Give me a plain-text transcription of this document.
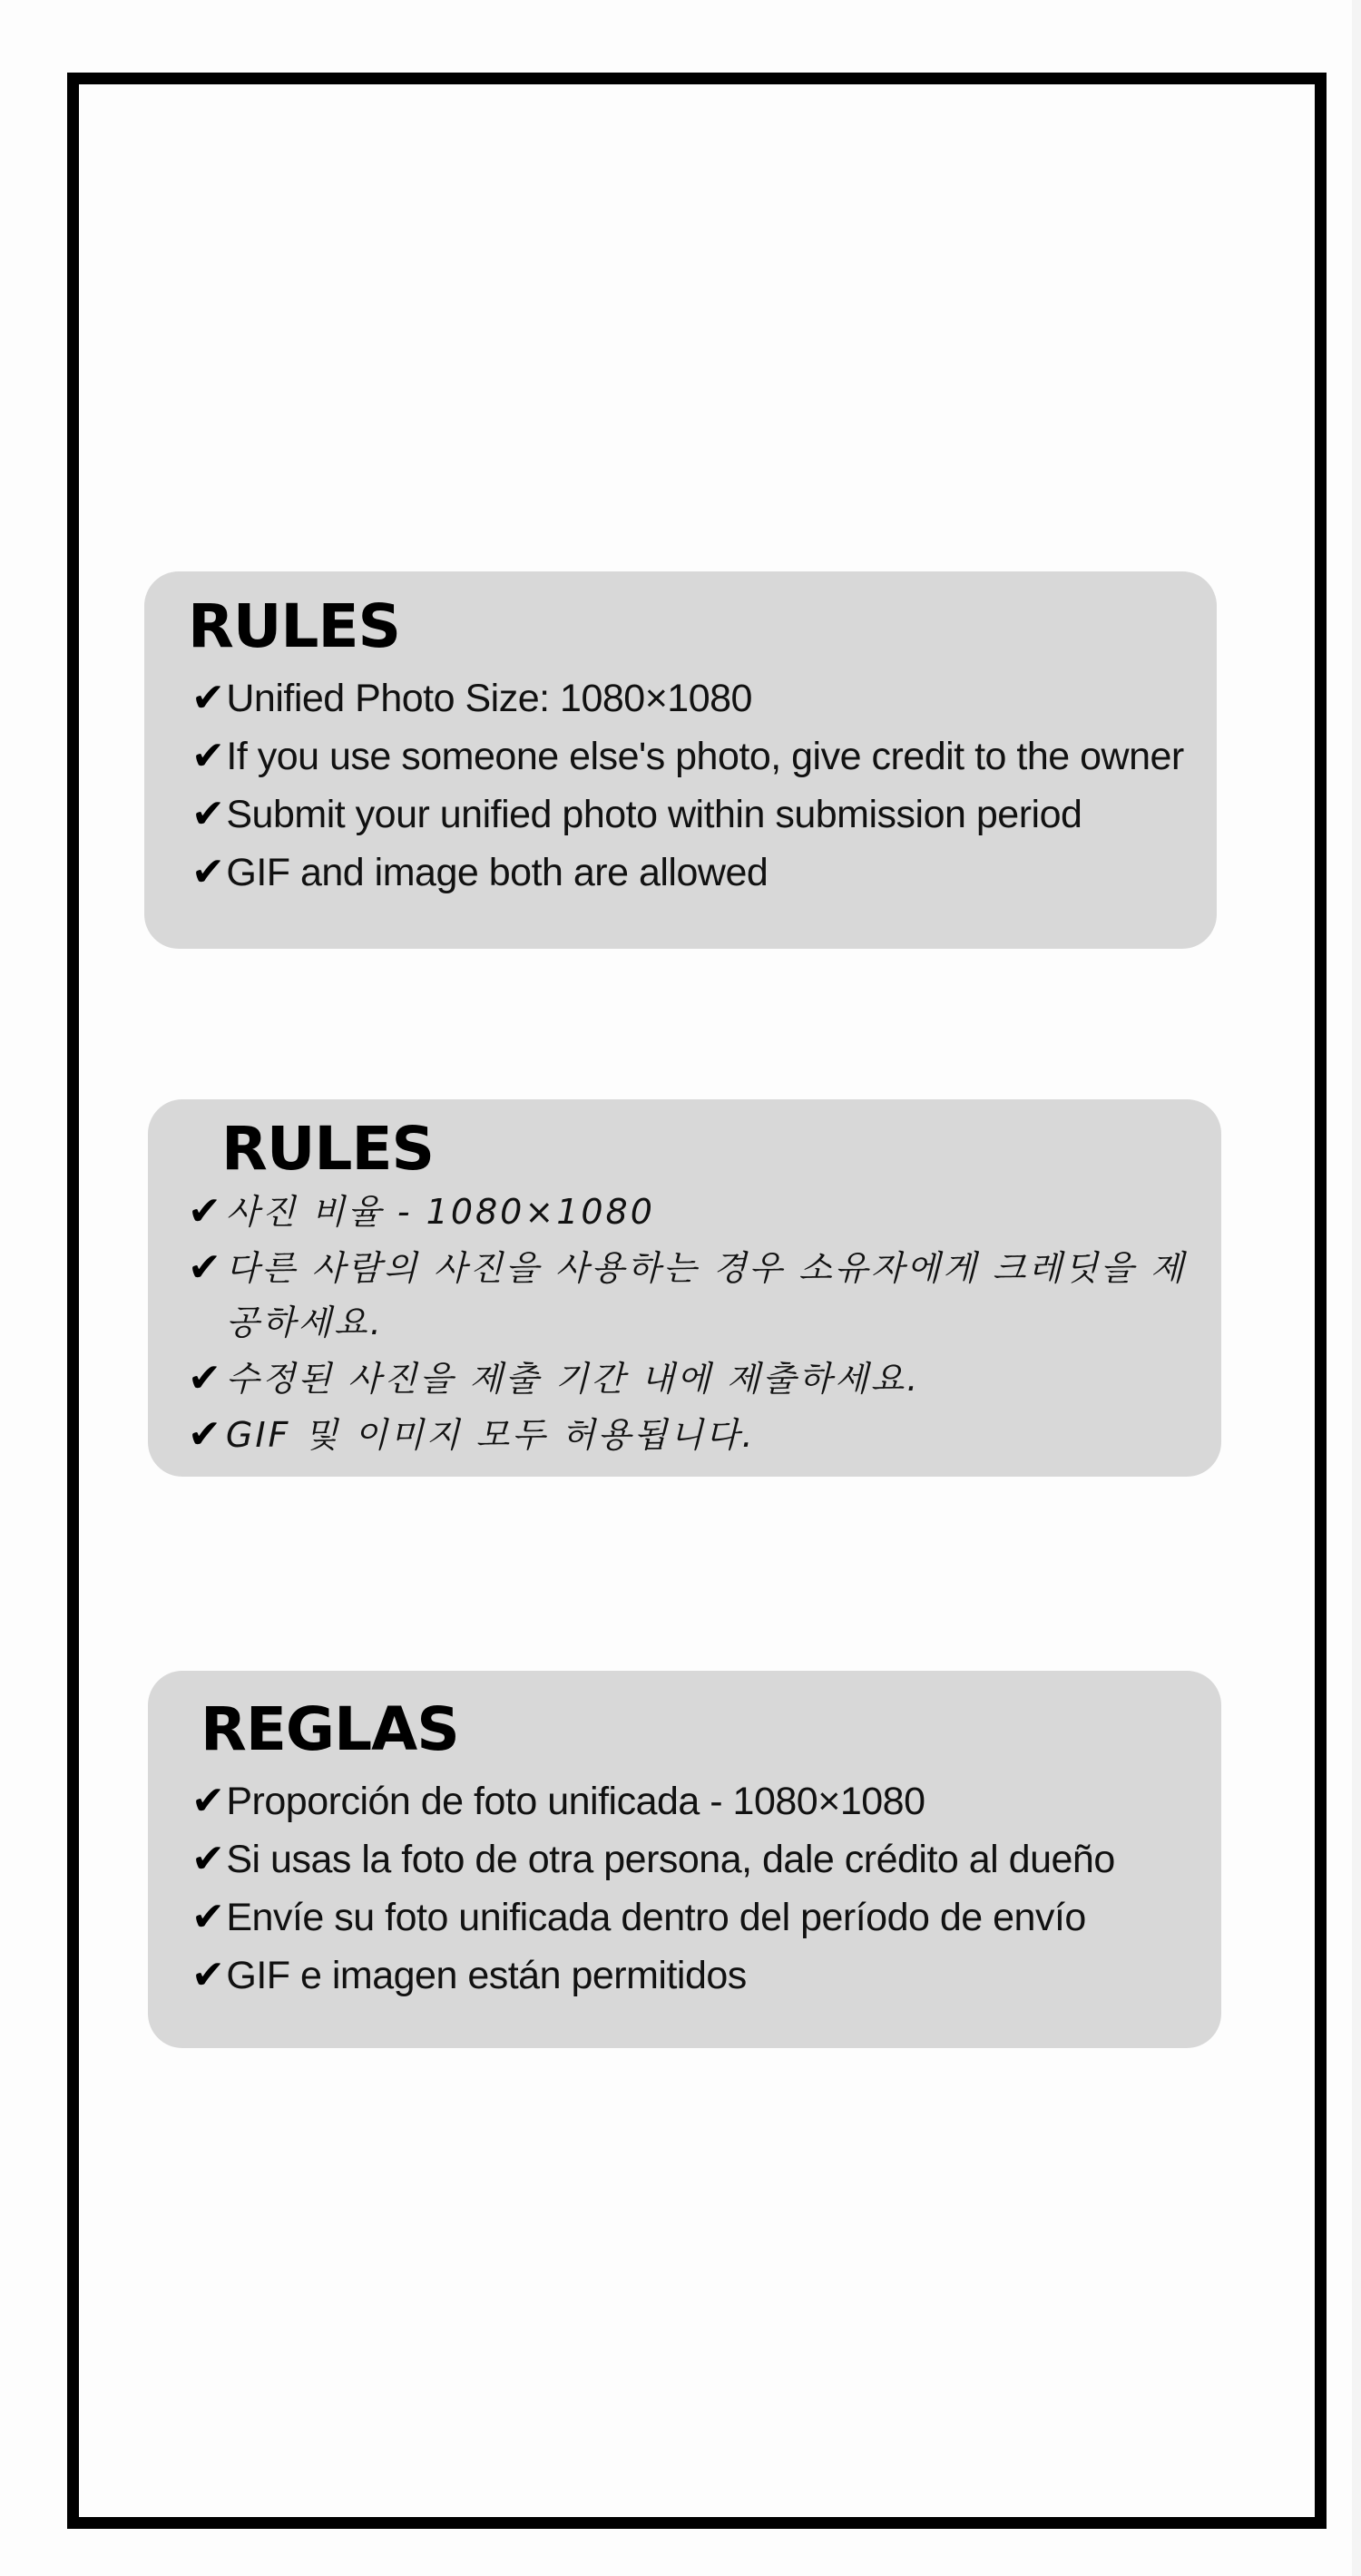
RULES
✔ Unified Photo Size: 1080×1080
✔ If you use someone else's photo, give credit to the owner
✔ Submit your unified photo within submission period
✔ GIF and image both are allowed
RULES
✔ 사진 비율 - 1080×1080
✔ 다른 사람의 사진을 사용하는 경우 소유자에게 크레딧을 제공하세요.
✔ 수정된 사진을 제출 기간 내에 제출하세요.
✔ GIF 및 이미지 모두 허용됩니다.
REGLAS
✔ Proporción de foto unificada - 1080×1080
✔ Si usas la foto de otra persona, dale crédito al dueño
✔ Envíe su foto unificada dentro del período de envío
✔ GIF e imagen están permitidos
